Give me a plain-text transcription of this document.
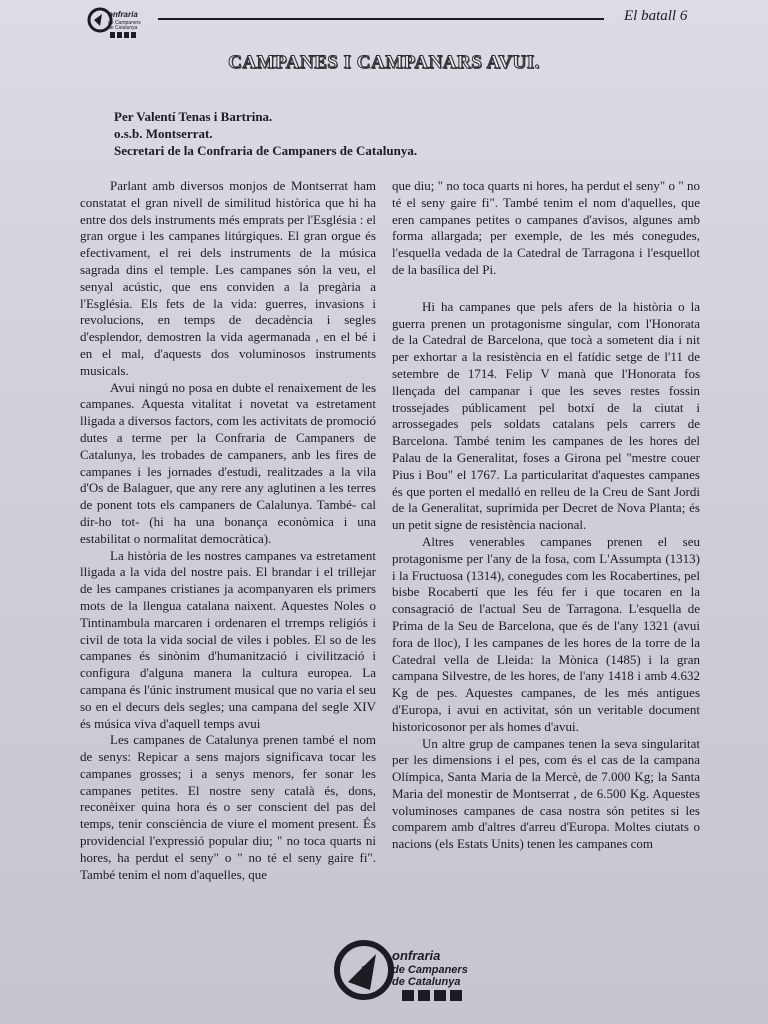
onfraria
de Campaners
de Catalunya
El batall 6
CAMPANES I CAMPANARS AVUI.
Per Valentí Tenas i Bartrina.
o.s.b. Montserrat.
Secretari de la Confraria de Campaners de Catalunya.

Parlant amb diversos monjos de Montserrat ham constatat el gran nivell de similitud històrica que hi ha entre dos dels instruments més emprats per l'Església : el gran orgue i les campanes litúrgiques. El gran orgue és efectivament, el rei dels instruments de la música sagrada dins el temple. Les campanes són la veu, el senyal acústic, que ens conviden a la pregària a l'Església. Els fets de la vida: guerres, invasions i revolucions, en temps de decadència i segles d'esplendor, demostren la vida agermanada , en el bé i en el mal, d'aquests dos voluminosos instruments musicals.

Avui ningú no posa en dubte el renaixement de les campanes. Aquesta vitalitat i novetat va estretament lligada a diversos factors, com les activitats de promoció dutes a terme per la Confraria de Campaners de Catalunya, les trobades de campaners, anb les fires de campanes i les jornades d'estudi, realitzades a la vila d'Os de Balaguer, que any rere any aglutinen a les terres de ponent tots els campaners de Calalunya. També- cal dir-ho tot- (hi ha una bonança econòmica i una estabilitat o normalitat democràtica).

La història de les nostres campanes va estretament lligada a la vida del nostre pais. El brandar i el trillejar de les campanes cristianes ja acompanyaren els primers mots de la llengua catalana naixent. Aquestes Noles o Tintinambula marcaren i ordenaren el trremps religiós i civil de tota la vida social de viles i pobles. El so de les campanes és sinònim d'humanització i civilització i configura d'alguna manera la cultura europea. La campana és l'únic instrument musical que no varia el seu so en el decurs dels segles; una campana del segle XIV és música viva d'aquell temps avui

Les campanes de Catalunya prenen també el nom de senys: Repicar a sens majors significava tocar les campanes grosses; i a senys menors, fer sonar les campanes petites. El nostre seny català és, dons, reconèixer quina hora és o ser conscient del pas del temps, tenir consciència de viure el moment present. És providencial l'expressió popular diu; " no toca quarts ni hores, ha perdut el seny" o " no té el seny gaire fi". També tenim el nom d'aquelles, que

que diu; " no toca quarts ni hores, ha perdut el seny" o " no té el seny gaire fi". També tenim el nom d'aquelles, que eren campanes petites o campanes d'avisos, algunes amb forma allargada; per exemple, de les més conegudes, l'esquella vedada de la Catedral de Tarragona i l'esquellot de la basílica del Pi.

Hi ha campanes que pels afers de la història o la guerra prenen un protagonisme singular, com l'Honorata de la Catedral de Barcelona, que tocà a sometent dia i nit per exhortar a la resistència en el fatídic setge de l'11 de setembre de 1714. Felip V manà que l'Honorata fos llençada del campanar i que les seves restes fossin trossejades públicament pel botxí de la ciutat i arrossegades pels soldats catalans pels carrers de Barcelona. També tenim les campanes de les hores del Palau de la Generalitat, foses a Girona pel "mestre couer Pius i Bou" el 1767. La particularitat d'aquestes campanes és que porten el medalló en relleu de la Creu de Sant Jordi de la Generalitat, suprimida per Decret de Nova Planta; és un petit signe de resistència nacional.

Altres venerables campanes prenen el seu protagonisme per l'any de la fosa, com L'Assumpta (1313) i la Fructuosa (1314), conegudes com les Rocabertines, pel bisbe Rocabertí que les féu fer i que tocaren en la consagració de l'actual Seu de Tarragona. L'esquella de Prima de la Seu de Barcelona, que és de l'any 1321 (avui fora de lloc), I les campanes de les hores de la torre de la Catedral vella de Lleida: la Mònica (1485) i la gran campana Silvestre, de les hores, de l'any 1418 i amb 4.632 Kg de pes. Aquestes campanes, de les més antigues d'Europa, i avui en activitat, són un veritable document historicosonor per als homes d'avui.

Un altre grup de campanes tenen la seva singularitat per les dimensions i el pes, com és el cas de la campana Olímpica, Santa Maria de la Mercè, de 7.000 Kg; la Santa Maria del monestir de Montserrat , de 6.500 Kg. Aquestes voluminoses campanes de casa nostra són petites si les comparem amb d'altres d'arreu d'Europa. Moltes ciutats o nacions (els Estats Units) tenen les campanes com

onfraria
de Campaners
de Catalunya
3
